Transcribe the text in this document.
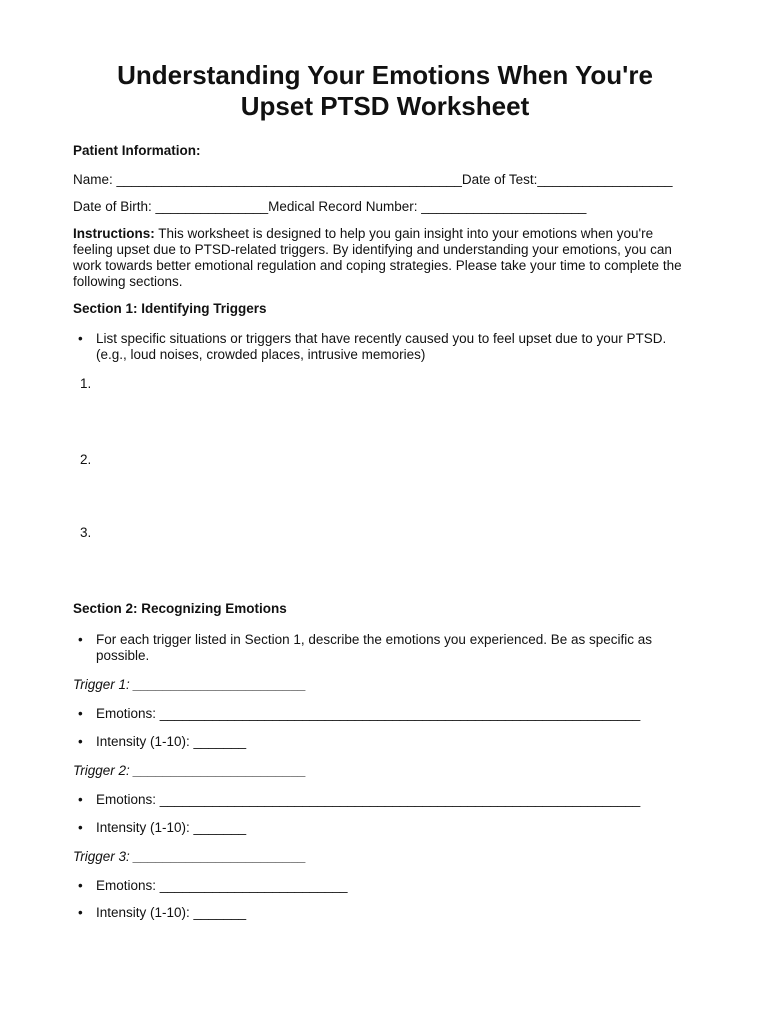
Understanding Your Emotions When You're
Upset PTSD Worksheet
Patient Information:
Name: ______________________________________________Date of Test:__________________
Date of Birth: _______________Medical Record Number: ______________________
Instructions: This worksheet is designed to help you gain insight into your emotions when you're feeling upset due to PTSD-related triggers. By identifying and understanding your emotions, you can work towards better emotional regulation and coping strategies. Please take your time to complete the following sections.
Section 1: Identifying Triggers
• List specific situations or triggers that have recently caused you to feel upset due to your PTSD. (e.g., loud noises, crowded places, intrusive memories)
1.
2.
3.
Section 2: Recognizing Emotions
• For each trigger listed in Section 1, describe the emotions you experienced. Be as specific as possible.
Trigger 1: _______________________
• Emotions: ________________________________________________________________
• Intensity (1-10): _______
Trigger 2: _______________________
• Emotions: ________________________________________________________________
• Intensity (1-10): _______
Trigger 3: _______________________
• Emotions: _________________________
• Intensity (1-10): _______
